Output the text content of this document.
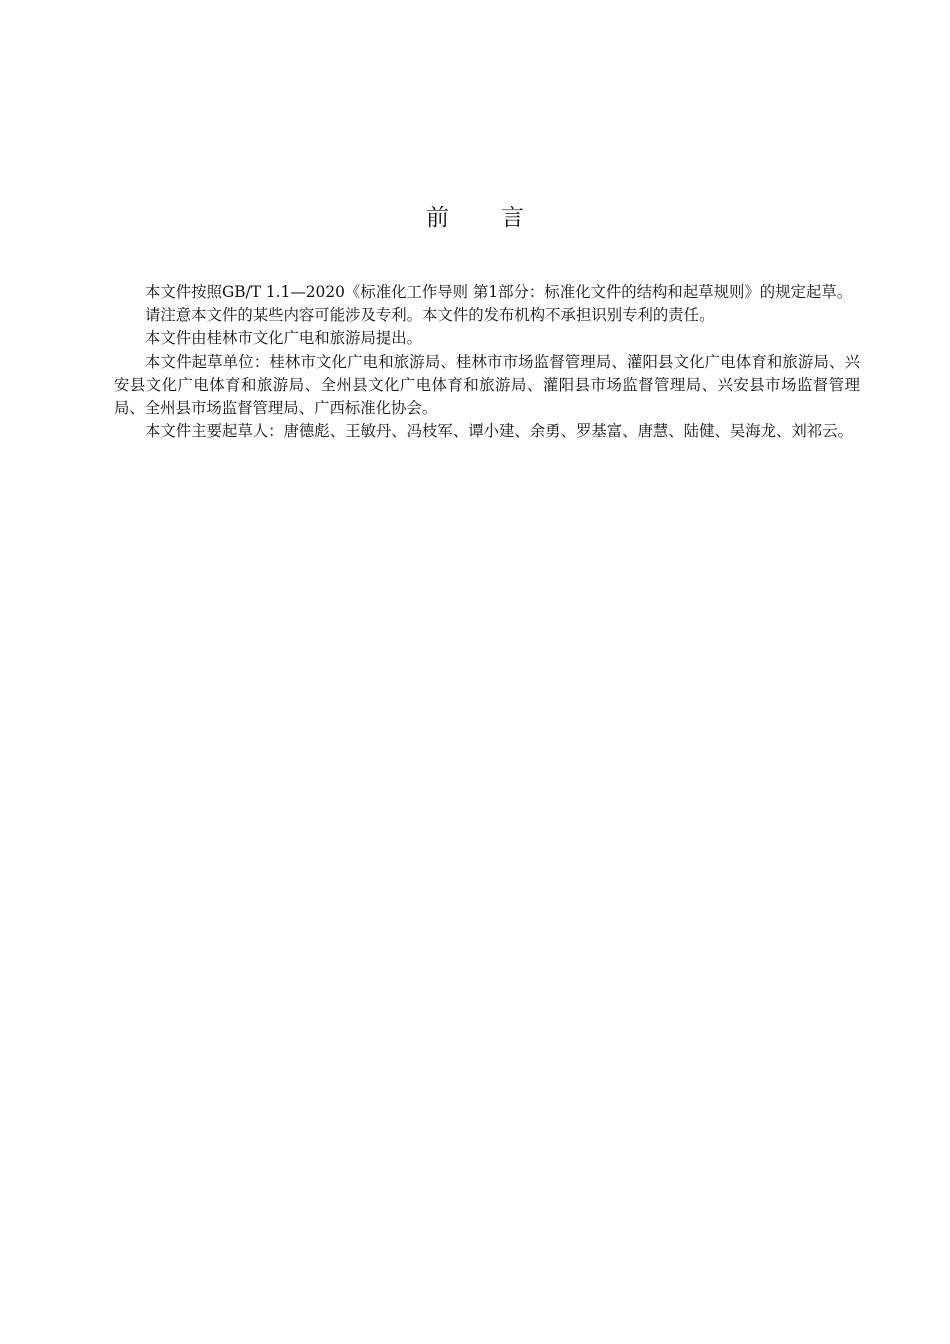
前 言

本文件按照GB/T 1.1—2020《标准化工作导则 第1部分：标准化文件的结构和起草规则》的规定起草。

请注意本文件的某些内容可能涉及专利。本文件的发布机构不承担识别专利的责任。

本文件由桂林市文化广电和旅游局提出。

本文件起草单位：桂林市文化广电和旅游局、桂林市市场监督管理局、灌阳县文化广电体育和旅游局、兴安县文化广电体育和旅游局、全州县文化广电体育和旅游局、灌阳县市场监督管理局、兴安县市场监督管理局、全州县市场监督管理局、广西标准化协会。

本文件主要起草人：唐德彪、王敏丹、冯枝军、谭小建、余勇、罗基富、唐慧、陆健、吴海龙、刘祁云。
